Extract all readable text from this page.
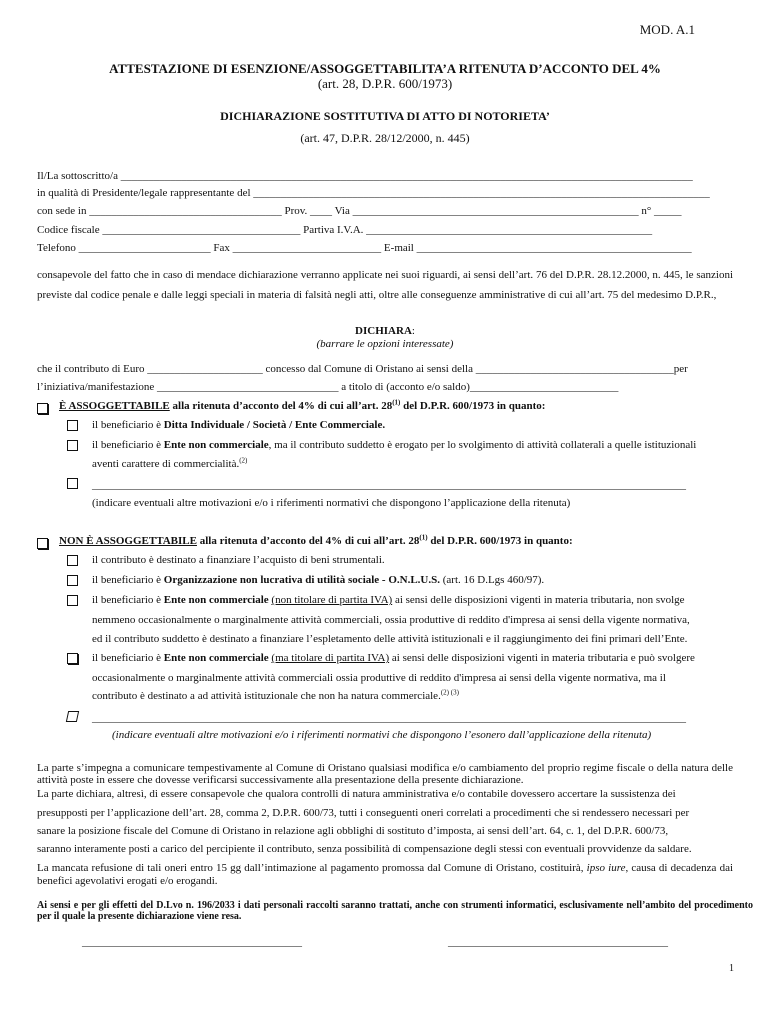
MOD. A.1
ATTESTAZIONE DI ESENZIONE/ASSOGGETTABILITA’A RITENUTA D’ACCONTO DEL 4%
(art. 28, D.P.R. 600/1973)
DICHIARAZIONE SOSTITUTIVA DI ATTO DI NOTORIETA’
(art. 47, D.P.R. 28/12/2000, n. 445)
Il/La sottoscritto/a ________________________________________________________________________________________________________
in qualità di Presidente/legale rappresentante del ___________________________________________________________________________________
con sede in ___________________________________ Prov. ____ Via ____________________________________________________ n° _____
Codice fiscale ____________________________________ Partiva I.V.A. ____________________________________________________
Telefono ________________________ Fax ___________________________ E-mail __________________________________________________
consapevole del fatto che in caso di mendace dichiarazione verranno applicate nei suoi riguardi, ai sensi dell’art. 76 del D.P.R. 28.12.2000, n. 445, le sanzioni previste dal codice penale e dalle leggi speciali in materia di falsità negli atti, oltre alle conseguenze amministrative di cui all’art. 75 del medesimo D.P.R.,
DICHIARA:
(barrare le opzioni interessate)
che il contributo di Euro _____________________ concesso dal Comune di Oristano ai sensi della ____________________________________per
l’iniziativa/manifestazione _________________________________ a titolo di (acconto e/o saldo)___________________________
È ASSOGGETTABILE alla ritenuta d’acconto del 4% di cui all’art. 28$^{(1)}$ del D.P.R. 600/1973 in quanto:
il beneficiario è Ditta Individuale / Società / Ente Commerciale.
il beneficiario è Ente non commerciale, ma il contributo suddetto è erogato per lo svolgimento di attività collaterali a quelle istituzionali
aventi carattere di commercialità.$^{(2)}$
____________________________________________________________________________________________________________
(indicare eventuali altre motivazioni e/o i riferimenti normativi che dispongono l’applicazione della ritenuta)
NON È ASSOGGETTABILE alla ritenuta d’acconto del 4% di cui all’art. 28$^{(1)}$ del D.P.R. 600/1973 in quanto:
il contributo è destinato a finanziare l’acquisto di beni strumentali.
il beneficiario è Organizzazione non lucrativa di utilità sociale - O.N.L.U.S. (art. 16 D.Lgs 460/97).
il beneficiario è Ente non commerciale (non titolare di partita IVA) ai sensi delle disposizioni vigenti in materia tributaria, non svolge
nemmeno occasionalmente o marginalmente attività commerciali, ossia produttive di reddito d'impresa ai sensi della vigente normativa,
ed il contributo suddetto è destinato a finanziare l’espletamento delle attività istituzionali e il raggiungimento dei fini primari dell’Ente.
il beneficiario è Ente non commerciale (ma titolare di partita IVA) ai sensi delle disposizioni vigenti in materia tributaria e può svolgere
occasionalmente o marginalmente attività commerciali ossia produttive di reddito d'impresa ai sensi della vigente normativa, ma il
contributo è destinato a ad attività istituzionale che non ha natura commerciale.$^{(2) (3)}$
____________________________________________________________________________________________________________
(indicare eventuali altre motivazioni e/o i riferimenti normativi che dispongono l’esonero dall’applicazione della ritenuta)
La parte s’impegna a comunicare tempestivamente al Comune di Oristano qualsiasi modifica e/o cambiamento del proprio regime fiscale o della natura delle attività poste in essere che dovesse verificarsi successivamente alla presentazione della presente dichiarazione.
La parte dichiara, altresì, di essere consapevole che qualora controlli di natura amministrativa e/o contabile dovessero accertare la sussistenza dei
presupposti per l’applicazione dell’art. 28, comma 2, D.P.R. 600/73, tutti i conseguenti oneri correlati a procedimenti che si rendessero necessari per
sanare la posizione fiscale del Comune di Oristano in relazione agli obblighi di sostituto d’imposta, ai sensi dell’art. 64, c. 1, del D.P.R. 600/73,
saranno interamente posti a carico del percipiente il contributo, senza possibilità di compensazione degli stessi con eventuali provvidenze da saldare.
La mancata refusione di tali oneri entro 15 gg dall’intimazione al pagamento promossa dal Comune di Oristano, costituirà, ipso iure, causa di decadenza dai benefici agevolativi erogati e/o erogandi.
Ai sensi e per gli effetti del D.Lvo n. 196/2033 i dati personali raccolti saranno trattati, anche con strumenti informatici, esclusivamente nell’ambito del procedimento per il quale la presente dichiarazione viene resa.
________________________________________	________________________________________
1
